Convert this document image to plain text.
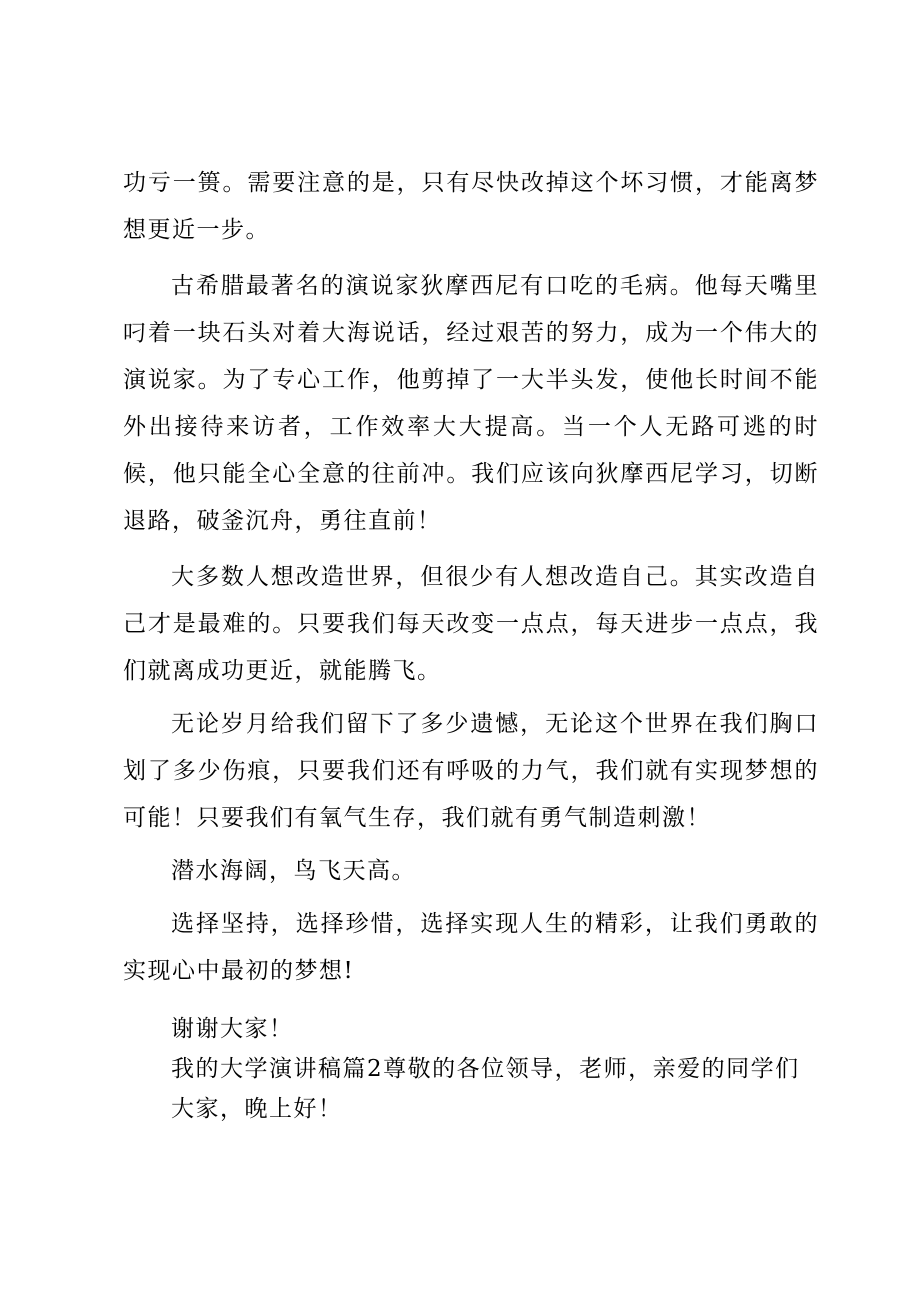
功亏一篑。需要注意的是，只有尽快改掉这个坏习惯，才能离梦想更近一步。

古希腊最著名的演说家狄摩西尼有口吃的毛病。他每天嘴里叼着一块石头对着大海说话，经过艰苦的努力，成为一个伟大的演说家。为了专心工作，他剪掉了一大半头发，使他长时间不能外出接待来访者，工作效率大大提高。当一个人无路可逃的时候，他只能全心全意的往前冲。我们应该向狄摩西尼学习，切断退路，破釜沉舟，勇往直前！

大多数人想改造世界，但很少有人想改造自己。其实改造自己才是最难的。只要我们每天改变一点点，每天进步一点点，我们就离成功更近，就能腾飞。

无论岁月给我们留下了多少遗憾，无论这个世界在我们胸口划了多少伤痕，只要我们还有呼吸的力气，我们就有实现梦想的可能！只要我们有氧气生存，我们就有勇气制造刺激！

潜水海阔，鸟飞天高。

选择坚持，选择珍惜，选择实现人生的精彩，让我们勇敢的实现心中最初的梦想!

谢谢大家！

我的大学演讲稿篇2尊敬的各位领导，老师，亲爱的同学们

大家，晚上好！
